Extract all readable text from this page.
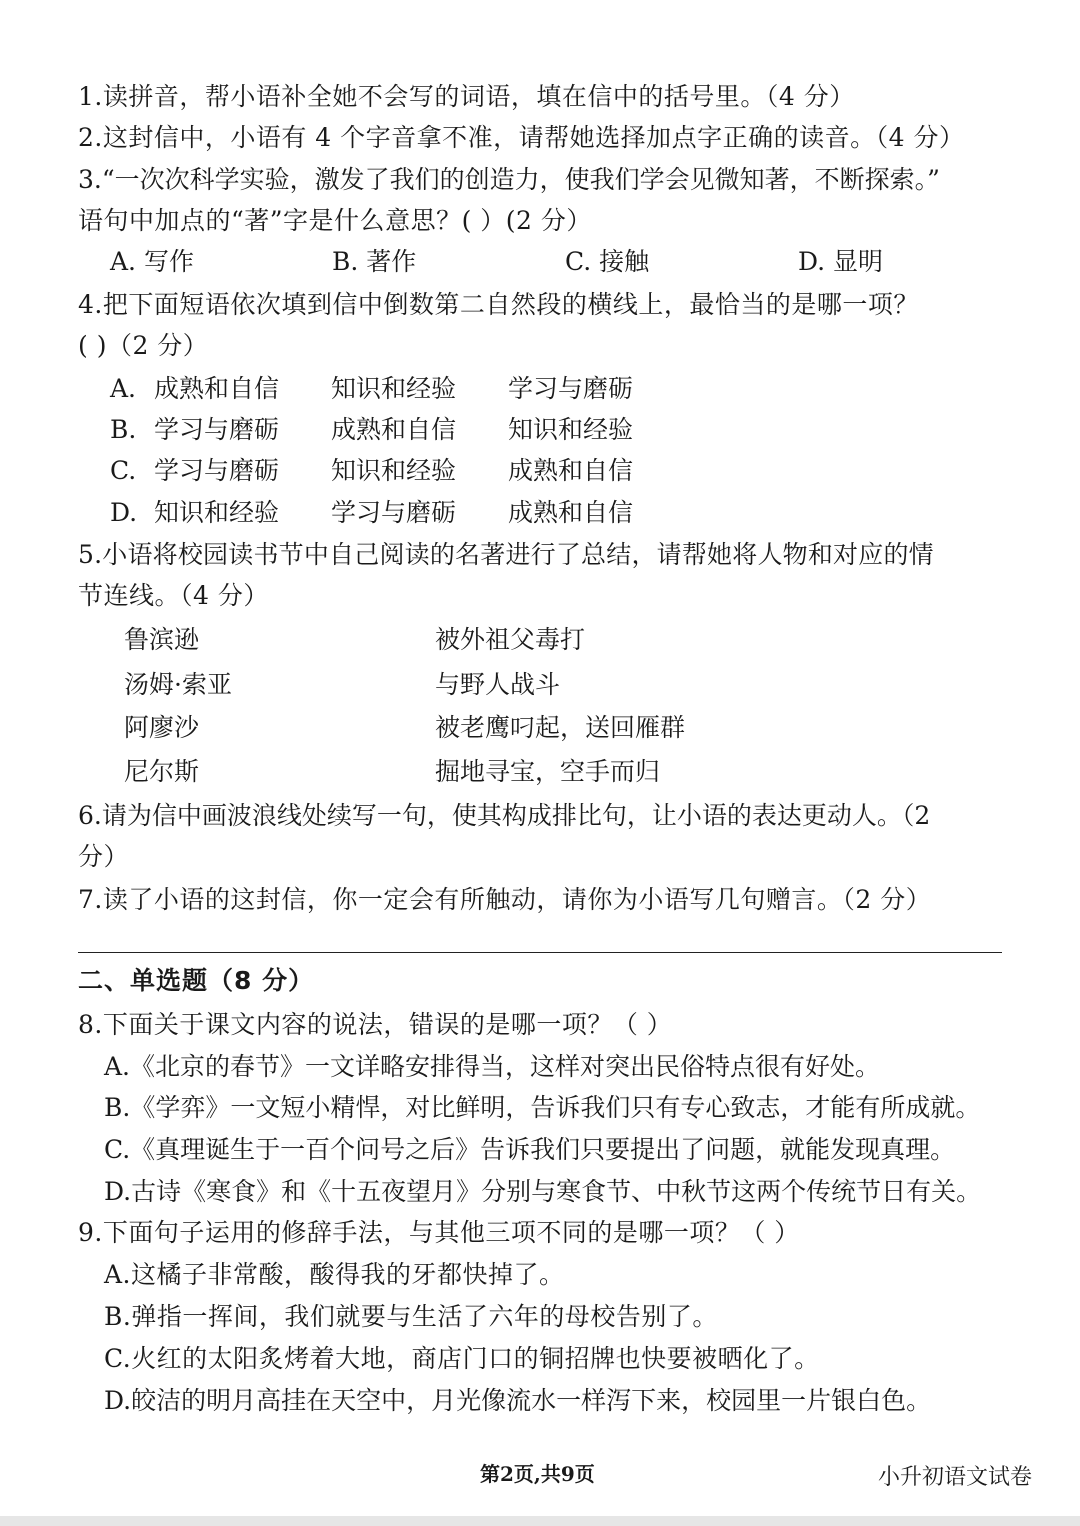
1.读拼音，帮小语补全她不会写的词语，填在信中的括号里。（4 分）
2.这封信中，小语有 4 个字音拿不准，请帮她选择加点字正确的读音。（4 分）
3.“一次次科学实验，激发了我们的创造力，使我们学会见微知著，不断探索。”
语句中加点的“著”字是什么意思？( ）(2 分）
A. 写作	B. 著作	C. 接触	D. 显明
4.把下面短语依次填到信中倒数第二自然段的横线上，最恰当的是哪一项？
( )（2 分）
A. 成熟和自信 知识和经验 学习与磨砺
B. 学习与磨砺 成熟和自信 知识和经验
C. 学习与磨砺 知识和经验 成熟和自信
D. 知识和经验 学习与磨砺 成熟和自信
5.小语将校园读书节中自己阅读的名著进行了总结，请帮她将人物和对应的情
节连线。（4 分）
鲁滨逊	被外祖父毒打
汤姆·索亚	与野人战斗
阿廖沙	被老鹰叼起，送回雁群
尼尔斯	掘地寻宝，空手而归
6.请为信中画波浪线处续写一句，使其构成排比句，让小语的表达更动人。（2
分）
7.读了小语的这封信，你一定会有所触动，请你为小语写几句赠言。（2 分）
二、单选题（8 分）
8.下面关于课文内容的说法，错误的是哪一项？（ ）
A.《北京的春节》一文详略安排得当，这样对突出民俗特点很有好处。
B.《学弈》一文短小精悍，对比鲜明，告诉我们只有专心致志，才能有所成就。
C.《真理诞生于一百个问号之后》告诉我们只要提出了问题，就能发现真理。
D.古诗《寒食》和《十五夜望月》分别与寒食节、中秋节这两个传统节日有关。
9.下面句子运用的修辞手法，与其他三项不同的是哪一项？（ ）
A.这橘子非常酸，酸得我的牙都快掉了。
B.弹指一挥间，我们就要与生活了六年的母校告别了。
C.火红的太阳炙烤着大地，商店门口的铜招牌也快要被晒化了。
D.皎洁的明月高挂在天空中，月光像流水一样泻下来，校园里一片银白色。
第2页,共9页	小升初语文试卷
